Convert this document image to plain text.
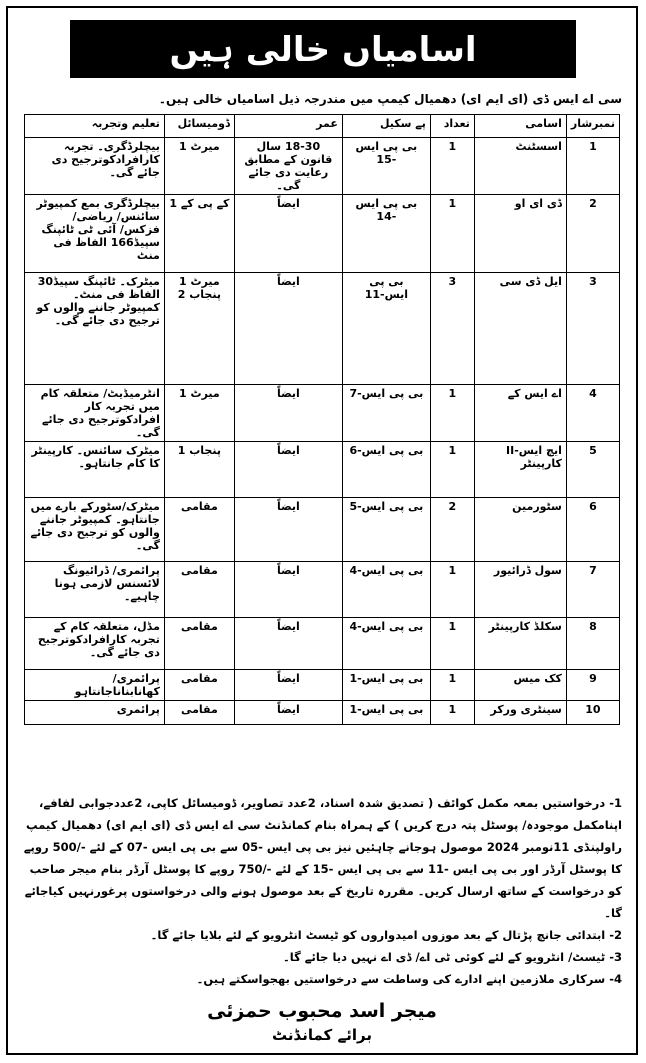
اسامیاں خالی ہیں
سی اے ایس ڈی (ای ایم ای) دھمیال کیمپ میں مندرجہ ذیل اسامیاں خالی ہیں۔
نمبرشار	اسامی	تعداد	پے سکیل	عمر	ڈومیسائل	تعلیم وتجربہ
1	اسسٹنٹ	1	بی پی ایس -15	18-30 سال قانون کے مطابق رعایت دی جائے گی۔	میرٹ 1	بیچلرڈگری۔ تجربہ کارافرادکوترجیح دی جائے گی۔
2	ڈی ای او	1	بی پی ایس -14	ایضاً	کے پی کے 1	بیچلرڈگری بمع کمپیوٹر سائنس/ ریاضی/ فزکس/ آئی ٹی ٹائپنگ سپیڈ166 الفاظ فی منٹ
3	ایل ڈی سی	3	بی پی ایس-11	ایضاً	میرٹ 1 پنجاب 2	میٹرک۔ ٹائپنگ سپیڈ30 الفاظ فی منٹ۔ کمپیوٹر جاننے والوں کو ترجیح دی جائے گی۔
4	اے ایس کے	1	بی پی ایس-7	ایضاً	میرٹ 1	انٹرمیڈیٹ/ متعلقہ کام میں تجربہ کار افرادکوترجیح دی جائے گی۔
5	ایچ ایس-II کارپینٹر	1	بی پی ایس-6	ایضاً	پنجاب 1	میٹرک سائنس۔ کارپینٹر کا کام جانتاہو۔
6	سٹورمین	2	بی پی ایس-5	ایضاً	مقامی	میٹرک/سٹورکے بارے میں جانتاہو۔ کمپیوٹر جاننے والوں کو ترجیح دی جائے گی۔
7	سول ڈرائیور	1	بی پی ایس-4	ایضاً	مقامی	پرائمری/ ڈرائیونگ لائسنس لازمی ہونا چاہیے۔
8	سکلڈ کارپینٹر	1	بی پی ایس-4	ایضاً	مقامی	مڈل، متعلقہ کام کے تجربہ کارافرادکوترجیح دی جائے گی۔
9	کک میس	1	بی پی ایس-1	ایضاً	مقامی	پرائمری/ کھانابناناجانتاہو
10	سینٹری ورکر	1	بی پی ایس-1	ایضاً	مقامی	پرائمری

1- درخواستیں بمعہ مکمل کوائف ( تصدیق شدہ اسناد، 2عدد تصاویر، ڈومیسائل کاپی، 2عددجوابی لفافے، اپنامکمل موجودہ/ پوسٹل پتہ درج کریں ) کے ہمراہ بنام کمانڈنٹ سی اے ایس ڈی (ای ایم ای) دھمیال کیمپ راولپنڈی 11نومبر 2024 موصول ہوجانے چاہئیں نیز بی پی ایس -05 سے بی پی ایس -07 کے لئے -/500 روپے کا پوسٹل آرڈر اور بی پی ایس -11 سے بی پی ایس -15 کے لئے -/750 روپے کا پوسٹل آرڈر بنام میجر صاحب کو درخواست کے ساتھ ارسال کریں۔ مقررہ تاریخ کے بعد موصول ہونے والی درخواستوں پرغورنہیں کیاجائے گا۔

2- ابتدائی جانچ پڑتال کے بعد موزوں امیدواروں کو ٹیسٹ انٹرویو کے لئے بلایا جائے گا۔

3- ٹیسٹ/ انٹرویو کے لئے کوئی ٹی اے/ ڈی اے نہیں دیا جائے گا۔

4- سرکاری ملازمین اپنے ادارے کی وساطت سے درخواستیں بھجواسکتے ہیں۔

میجر اسد محبوب حمزئی
برائے کمانڈنٹ
